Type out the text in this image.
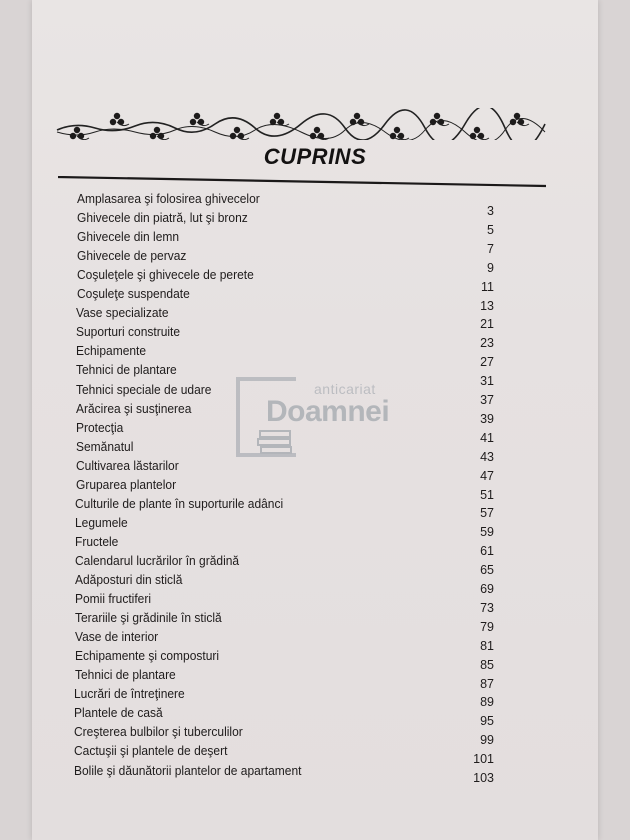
CUPRINS
anticariat
Doamnei
Amplasarea şi folosirea ghivecelor
Ghivecele din piatră, lut şi bronz
3
Ghivecele din lemn
5
Ghivecele de pervaz
7
Coşuleţele şi ghivecele de perete
9
Coşuleţe suspendate
11
Vase specializate
13
Suporturi construite
21
Echipamente
23
Tehnici de plantare
27
Tehnici speciale de udare
31
Arăcirea şi susţinerea
37
Protecţia
39
Semănatul
41
Cultivarea lăstarilor
43
Gruparea plantelor
47
Culturile de plante în suporturile adânci
51
Legumele
57
Fructele
59
Calendarul lucrărilor în grădină
61
Adăposturi din sticlă
65
Pomii fructiferi
69
Terariile şi grădinile în sticlă
73
Vase de interior
79
Echipamente şi composturi
81
Tehnici de plantare
85
Lucrări de întreţinere
87
Plantele de casă
89
Creşterea bulbilor şi tuberculilor
95
Cactuşii şi plantele de deşert
99
Bolile şi dăunătorii plantelor de apartament
101
103
